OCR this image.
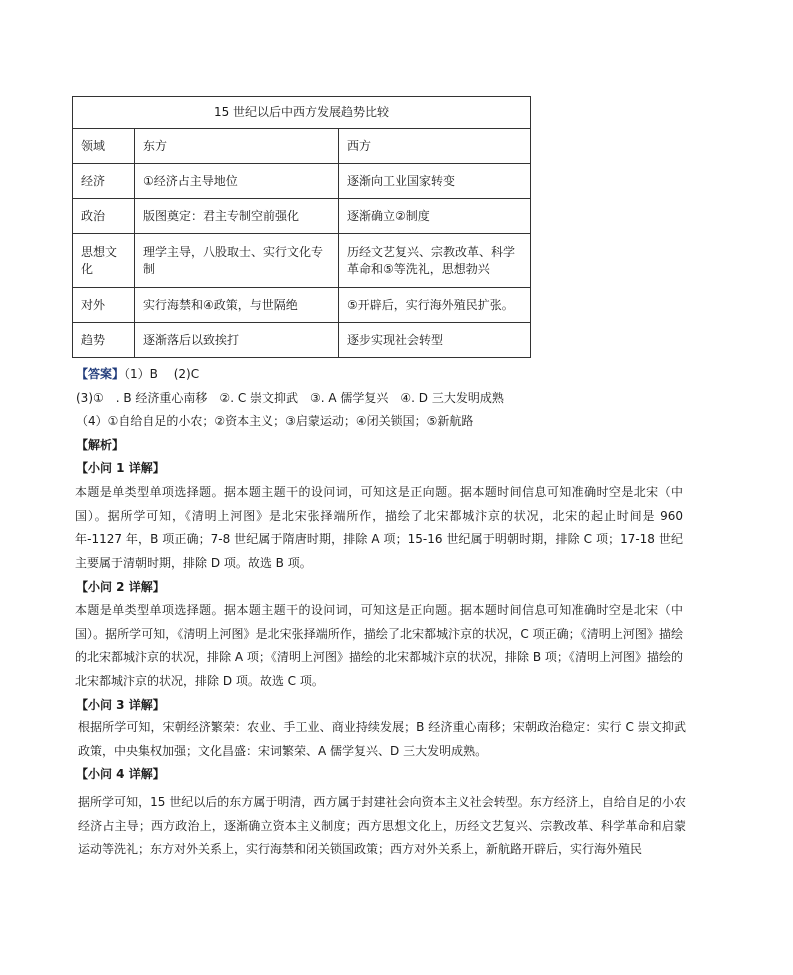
15 世纪以后中西方发展趋势比较		
领域	东方	西方
经济	①经济占主导地位	逐渐向工业国家转变
政治	版图奠定：君主专制空前强化	逐渐确立②制度
思想文化	理学主导，八股取士、实行文化专制	历经文艺复兴、宗教改革、科学革命和⑤等洗礼，思想勃兴
对外	实行海禁和④政策，与世隔绝	⑤开辟后，实行海外殖民扩张。
趋势	逐渐落后以致挨打	逐步实现社会转型
【答案】（1）B　 (2)C
(3)①　. B 经济重心南移　②. C 崇文抑武　③. A 儒学复兴　④. D 三大发明成熟
（4）①自给自足的小农；②资本主义；③启蒙运动；④闭关锁国；⑤新航路
【解析】
【小问 1 详解】
本题是单类型单项选择题。据本题主题干的设问词，可知这是正向题。据本题时间信息可知准确时空是北宋（中国）。据所学可知，《清明上河图》是北宋张择端所作，描绘了北宋都城汴京的状况，北宋的起止时间是 960 年-1127 年，B 项正确；7-8 世纪属于隋唐时期，排除 A 项；15-16 世纪属于明朝时期，排除 C 项；17-18 世纪主要属于清朝时期，排除 D 项。故选 B 项。
【小问 2 详解】
本题是单类型单项选择题。据本题主题干的设问词，可知这是正向题。据本题时间信息可知准确时空是北宋（中国）。据所学可知，《清明上河图》是北宋张择端所作，描绘了北宋都城汴京的状况，C 项正确；《清明上河图》描绘的北宋都城汴京的状况，排除 A 项；《清明上河图》描绘的北宋都城汴京的状况，排除 B 项；《清明上河图》描绘的北宋都城汴京的状况，排除 D 项。故选 C 项。
【小问 3 详解】
根据所学可知，宋朝经济繁荣：农业、手工业、商业持续发展；B 经济重心南移；宋朝政治稳定：实行 C 崇文抑武政策，中央集权加强；文化昌盛：宋词繁荣、A 儒学复兴、D 三大发明成熟。
【小问 4 详解】
据所学可知，15 世纪以后的东方属于明清，西方属于封建社会向资本主义社会转型。东方经济上，自给自足的小农经济占主导；西方政治上，逐渐确立资本主义制度；西方思想文化上，历经文艺复兴、宗教改革、科学革命和启蒙运动等洗礼；东方对外关系上，实行海禁和闭关锁国政策；西方对外关系上，新航路开辟后，实行海外殖民
